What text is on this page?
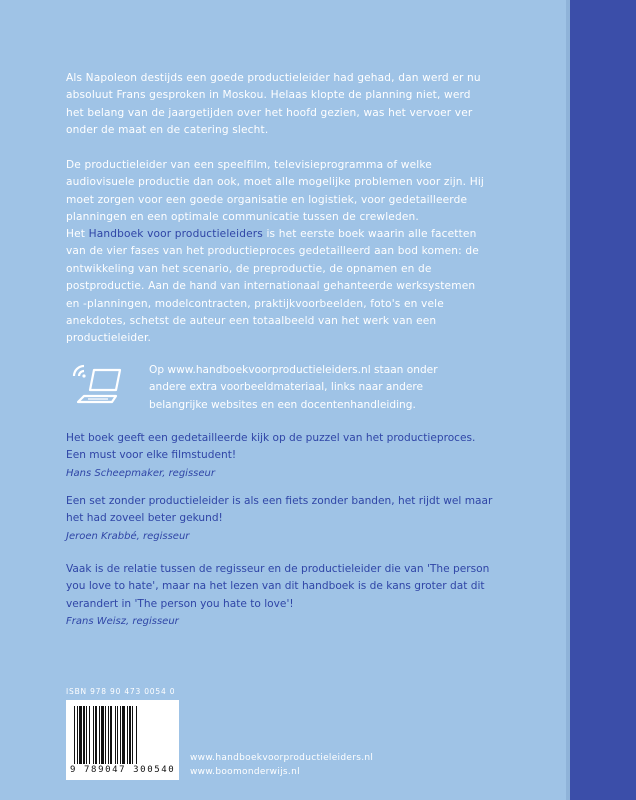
Als Napoleon destijds een goede productieleider had gehad, dan werd er nu absoluut Frans gesproken in Moskou. Helaas klopte de planning niet, werd het belang van de jaargetijden over het hoofd gezien, was het vervoer ver onder de maat en de catering slecht.

De productieleider van een speelfilm, televisieprogramma of welke audiovisuele productie dan ook, moet alle mogelijke problemen voor zijn. Hij moet zorgen voor een goede organisatie en logistiek, voor gedetailleerde planningen en een optimale communicatie tussen de crewleden.

Het Handboek voor productieleiders is het eerste boek waarin alle facetten van de vier fases van het productieproces gedetailleerd aan bod komen: de ontwikkeling van het scenario, de preproductie, de opnamen en de postproductie. Aan de hand van internationaal gehanteerde werksystemen en -planningen, modelcontracten, praktijkvoorbeelden, foto's en vele anekdotes, schetst de auteur een totaalbeeld van het werk van een productieleider.

Op www.handboekvoorproductieleiders.nl staan onder andere extra voorbeeldmateriaal, links naar andere belangrijke websites en een docentenhandleiding.

Het boek geeft een gedetailleerde kijk op de puzzel van het productieproces. Een must voor elke filmstudent!
Hans Scheepmaker, regisseur

Een set zonder productieleider is als een fiets zonder banden, het rijdt wel maar het had zoveel beter gekund!
Jeroen Krabbé, regisseur

Vaak is de relatie tussen de regisseur en de productieleider die van 'The person you love to hate', maar na het lezen van dit handboek is de kans groter dat dit verandert in 'The person you hate to love'!
Frans Weisz, regisseur

ISBN 978 90 473 0054 0
9 789047 300540
www.handboekvoorproductieleiders.nl
www.boomonderwijs.nl
